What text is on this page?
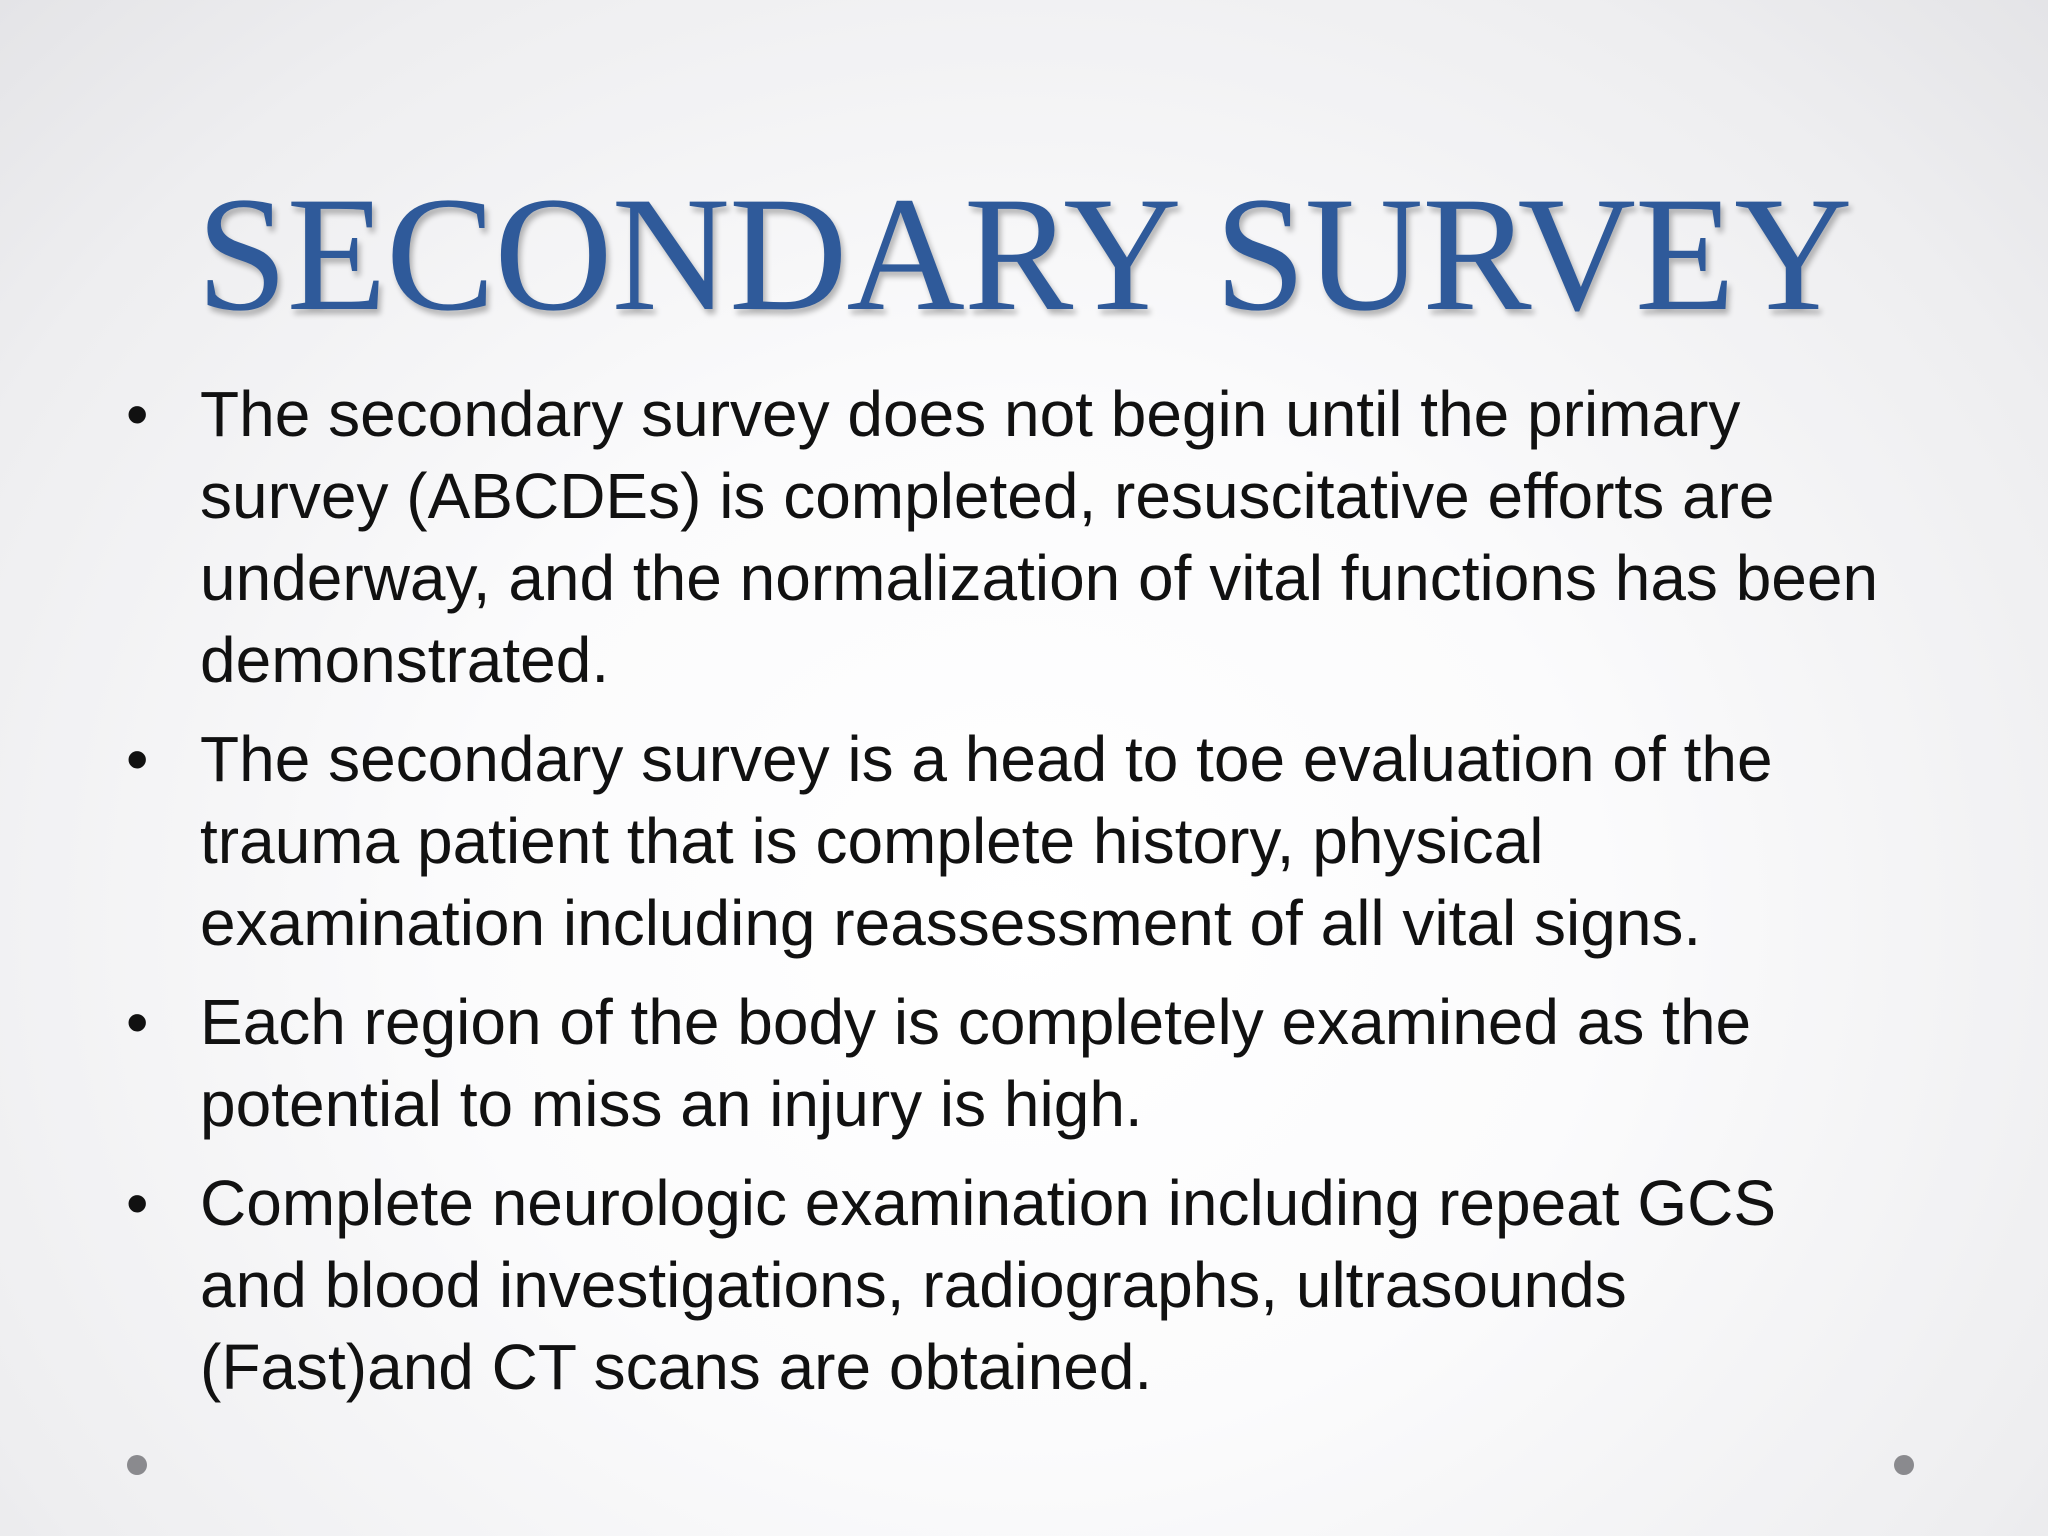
SECONDARY SURVEY
• The secondary survey does not begin until the primary survey (ABCDEs) is completed, resuscitative efforts are underway, and the normalization of vital functions has been demonstrated.
• The secondary survey is a head to toe evaluation of the trauma patient that is complete history, physical examination including reassessment of all vital signs.
• Each region of the body is completely examined as the potential to miss an injury is high.
• Complete neurologic examination including repeat GCS and blood investigations, radiographs, ultrasounds (Fast)and CT scans are obtained.
